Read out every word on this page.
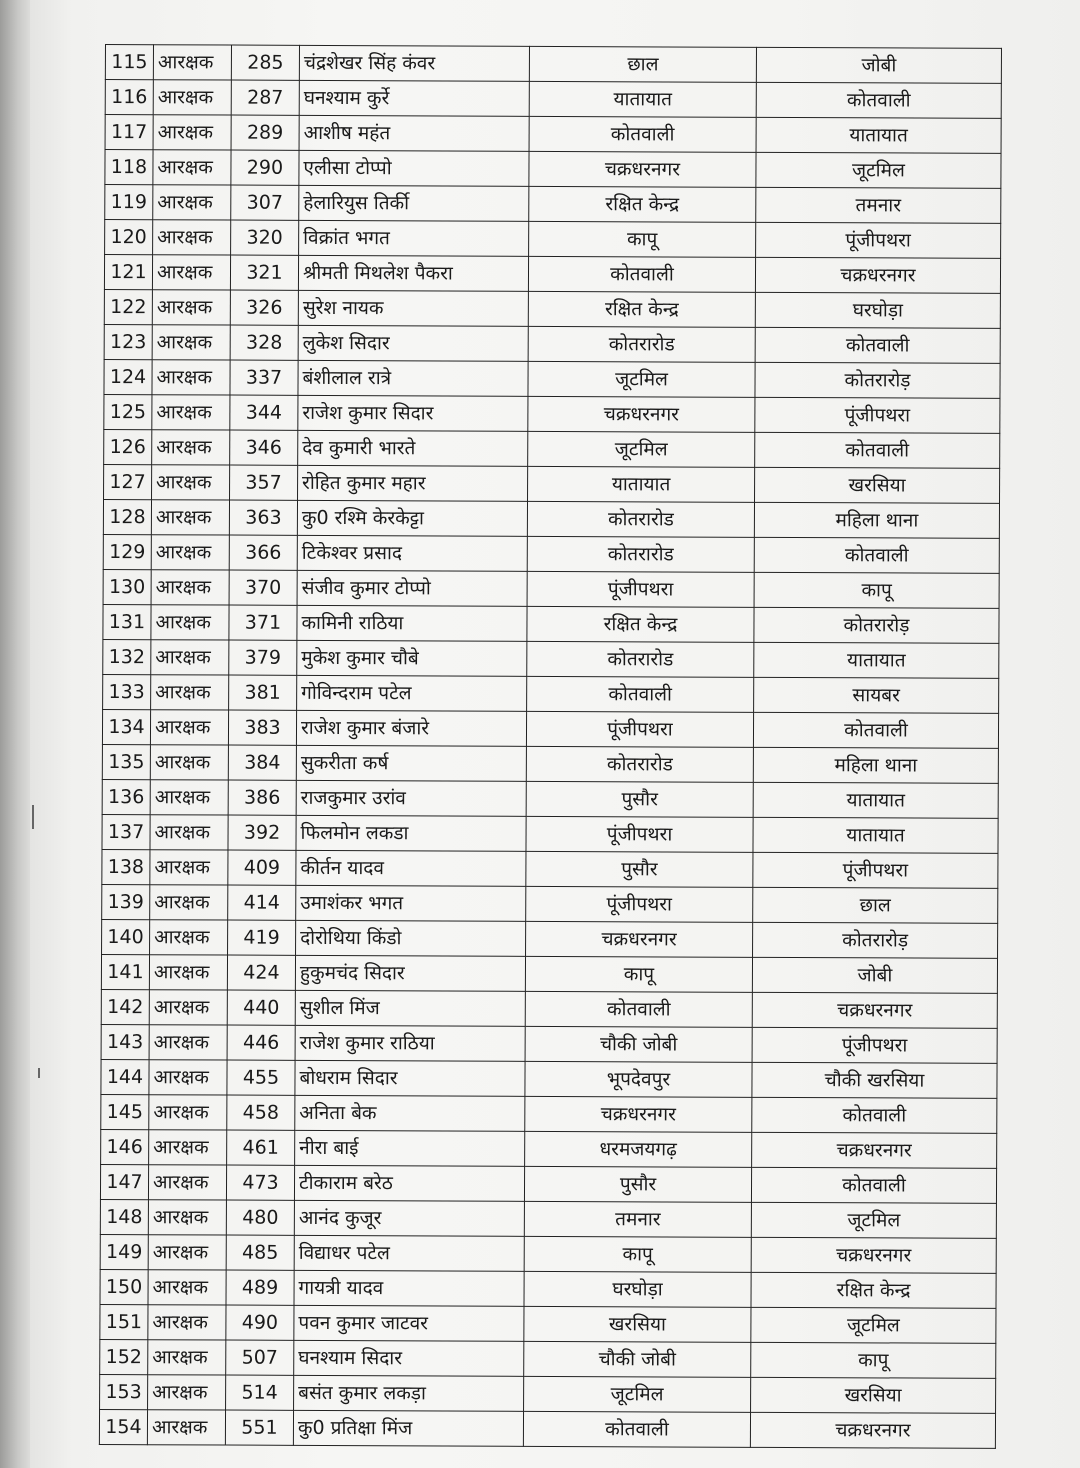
115	आरक्षक	285	चंद्रशेखर सिंह कंवर	छाल	जोबी
116	आरक्षक	287	घनश्याम कुर्रे	यातायात	कोतवाली
117	आरक्षक	289	आशीष महंत	कोतवाली	यातायात
118	आरक्षक	290	एलीसा टोप्पो	चक्रधरनगर	जूटमिल
119	आरक्षक	307	हेलारियुस तिर्की	रक्षित केन्द्र	तमनार
120	आरक्षक	320	विक्रांत भगत	कापू	पूंजीपथरा
121	आरक्षक	321	श्रीमती मिथलेश पैकरा	कोतवाली	चक्रधरनगर
122	आरक्षक	326	सुरेश नायक	रक्षित केन्द्र	घरघोड़ा
123	आरक्षक	328	लुकेश सिदार	कोतरारोड	कोतवाली
124	आरक्षक	337	बंशीलाल रात्रे	जूटमिल	कोतरारोड़
125	आरक्षक	344	राजेश कुमार सिदार	चक्रधरनगर	पूंजीपथरा
126	आरक्षक	346	देव कुमारी भारते	जूटमिल	कोतवाली
127	आरक्षक	357	रोहित कुमार महार	यातायात	खरसिया
128	आरक्षक	363	कु0 रश्मि केरकेट्टा	कोतरारोड	महिला थाना
129	आरक्षक	366	टिकेश्वर प्रसाद	कोतरारोड	कोतवाली
130	आरक्षक	370	संजीव कुमार टोप्पो	पूंजीपथरा	कापू
131	आरक्षक	371	कामिनी राठिया	रक्षित केन्द्र	कोतरारोड़
132	आरक्षक	379	मुकेश कुमार चौबे	कोतरारोड	यातायात
133	आरक्षक	381	गोविन्दराम पटेल	कोतवाली	सायबर
134	आरक्षक	383	राजेश कुमार बंजारे	पूंजीपथरा	कोतवाली
135	आरक्षक	384	सुकरीता कर्ष	कोतरारोड	महिला थाना
136	आरक्षक	386	राजकुमार उरांव	पुसौर	यातायात
137	आरक्षक	392	फिलमोन लकडा	पूंजीपथरा	यातायात
138	आरक्षक	409	कीर्तन यादव	पुसौर	पूंजीपथरा
139	आरक्षक	414	उमाशंकर भगत	पूंजीपथरा	छाल
140	आरक्षक	419	दोरोथिया किंडो	चक्रधरनगर	कोतरारोड़
141	आरक्षक	424	हुकुमचंद सिदार	कापू	जोबी
142	आरक्षक	440	सुशील मिंज	कोतवाली	चक्रधरनगर
143	आरक्षक	446	राजेश कुमार राठिया	चौकी जोबी	पूंजीपथरा
144	आरक्षक	455	बोधराम सिदार	भूपदेवपुर	चौकी खरसिया
145	आरक्षक	458	अनिता बेक	चक्रधरनगर	कोतवाली
146	आरक्षक	461	नीरा बाई	धरमजयगढ़	चक्रधरनगर
147	आरक्षक	473	टीकाराम बरेठ	पुसौर	कोतवाली
148	आरक्षक	480	आनंद कुजूर	तमनार	जूटमिल
149	आरक्षक	485	विद्याधर पटेल	कापू	चक्रधरनगर
150	आरक्षक	489	गायत्री यादव	घरघोड़ा	रक्षित केन्द्र
151	आरक्षक	490	पवन कुमार जाटवर	खरसिया	जूटमिल
152	आरक्षक	507	घनश्याम सिदार	चौकी जोबी	कापू
153	आरक्षक	514	बसंत कुमार लकड़ा	जूटमिल	खरसिया
154	आरक्षक	551	कु0 प्रतिक्षा मिंज	कोतवाली	चक्रधरनगर
